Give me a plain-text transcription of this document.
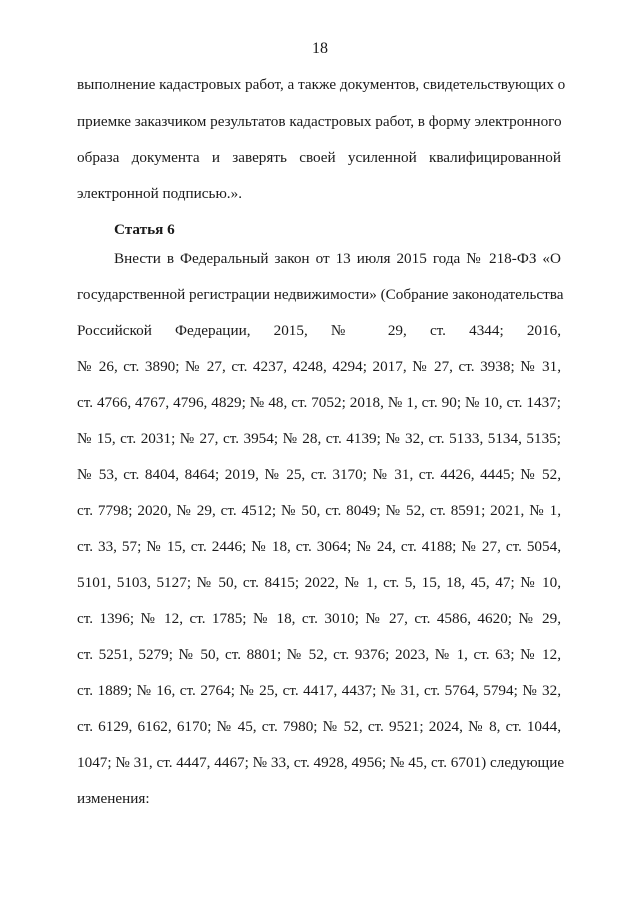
18
выполнение кадастровых работ, а также документов, свидетельствующих о
приемке заказчиком результатов кадастровых работ, в форму электронного
образа документа и заверять своей усиленной квалифицированной
электронной подписью.».
Статья 6
Внести в Федеральный закон от 13 июля 2015 года № 218-ФЗ «О
государственной регистрации недвижимости» (Собрание законодательства
Российской Федерации, 2015, № 29, ст. 4344; 2016,
№ 26, ст. 3890; № 27, ст. 4237, 4248, 4294; 2017, № 27, ст. 3938; № 31,
ст. 4766, 4767, 4796, 4829; № 48, ст. 7052; 2018, № 1, ст. 90; № 10, ст. 1437;
№ 15, ст. 2031; № 27, ст. 3954; № 28, ст. 4139; № 32, ст. 5133, 5134, 5135;
№ 53, ст. 8404, 8464; 2019, № 25, ст. 3170; № 31, ст. 4426, 4445; № 52,
ст. 7798; 2020, № 29, ст. 4512; № 50, ст. 8049; № 52, ст. 8591; 2021, № 1,
ст. 33, 57; № 15, ст. 2446; № 18, ст. 3064; № 24, ст. 4188; № 27, ст. 5054,
5101, 5103, 5127; № 50, ст. 8415; 2022, № 1, ст. 5, 15, 18, 45, 47; № 10,
ст. 1396; № 12, ст. 1785; № 18, ст. 3010; № 27, ст. 4586, 4620; № 29,
ст. 5251, 5279; № 50, ст. 8801; № 52, ст. 9376; 2023, № 1, ст. 63; № 12,
ст. 1889; № 16, ст. 2764; № 25, ст. 4417, 4437; № 31, ст. 5764, 5794; № 32,
ст. 6129, 6162, 6170; № 45, ст. 7980; № 52, ст. 9521; 2024, № 8, ст. 1044,
1047; № 31, ст. 4447, 4467; № 33, ст. 4928, 4956; № 45, ст. 6701) следующие
изменения:
